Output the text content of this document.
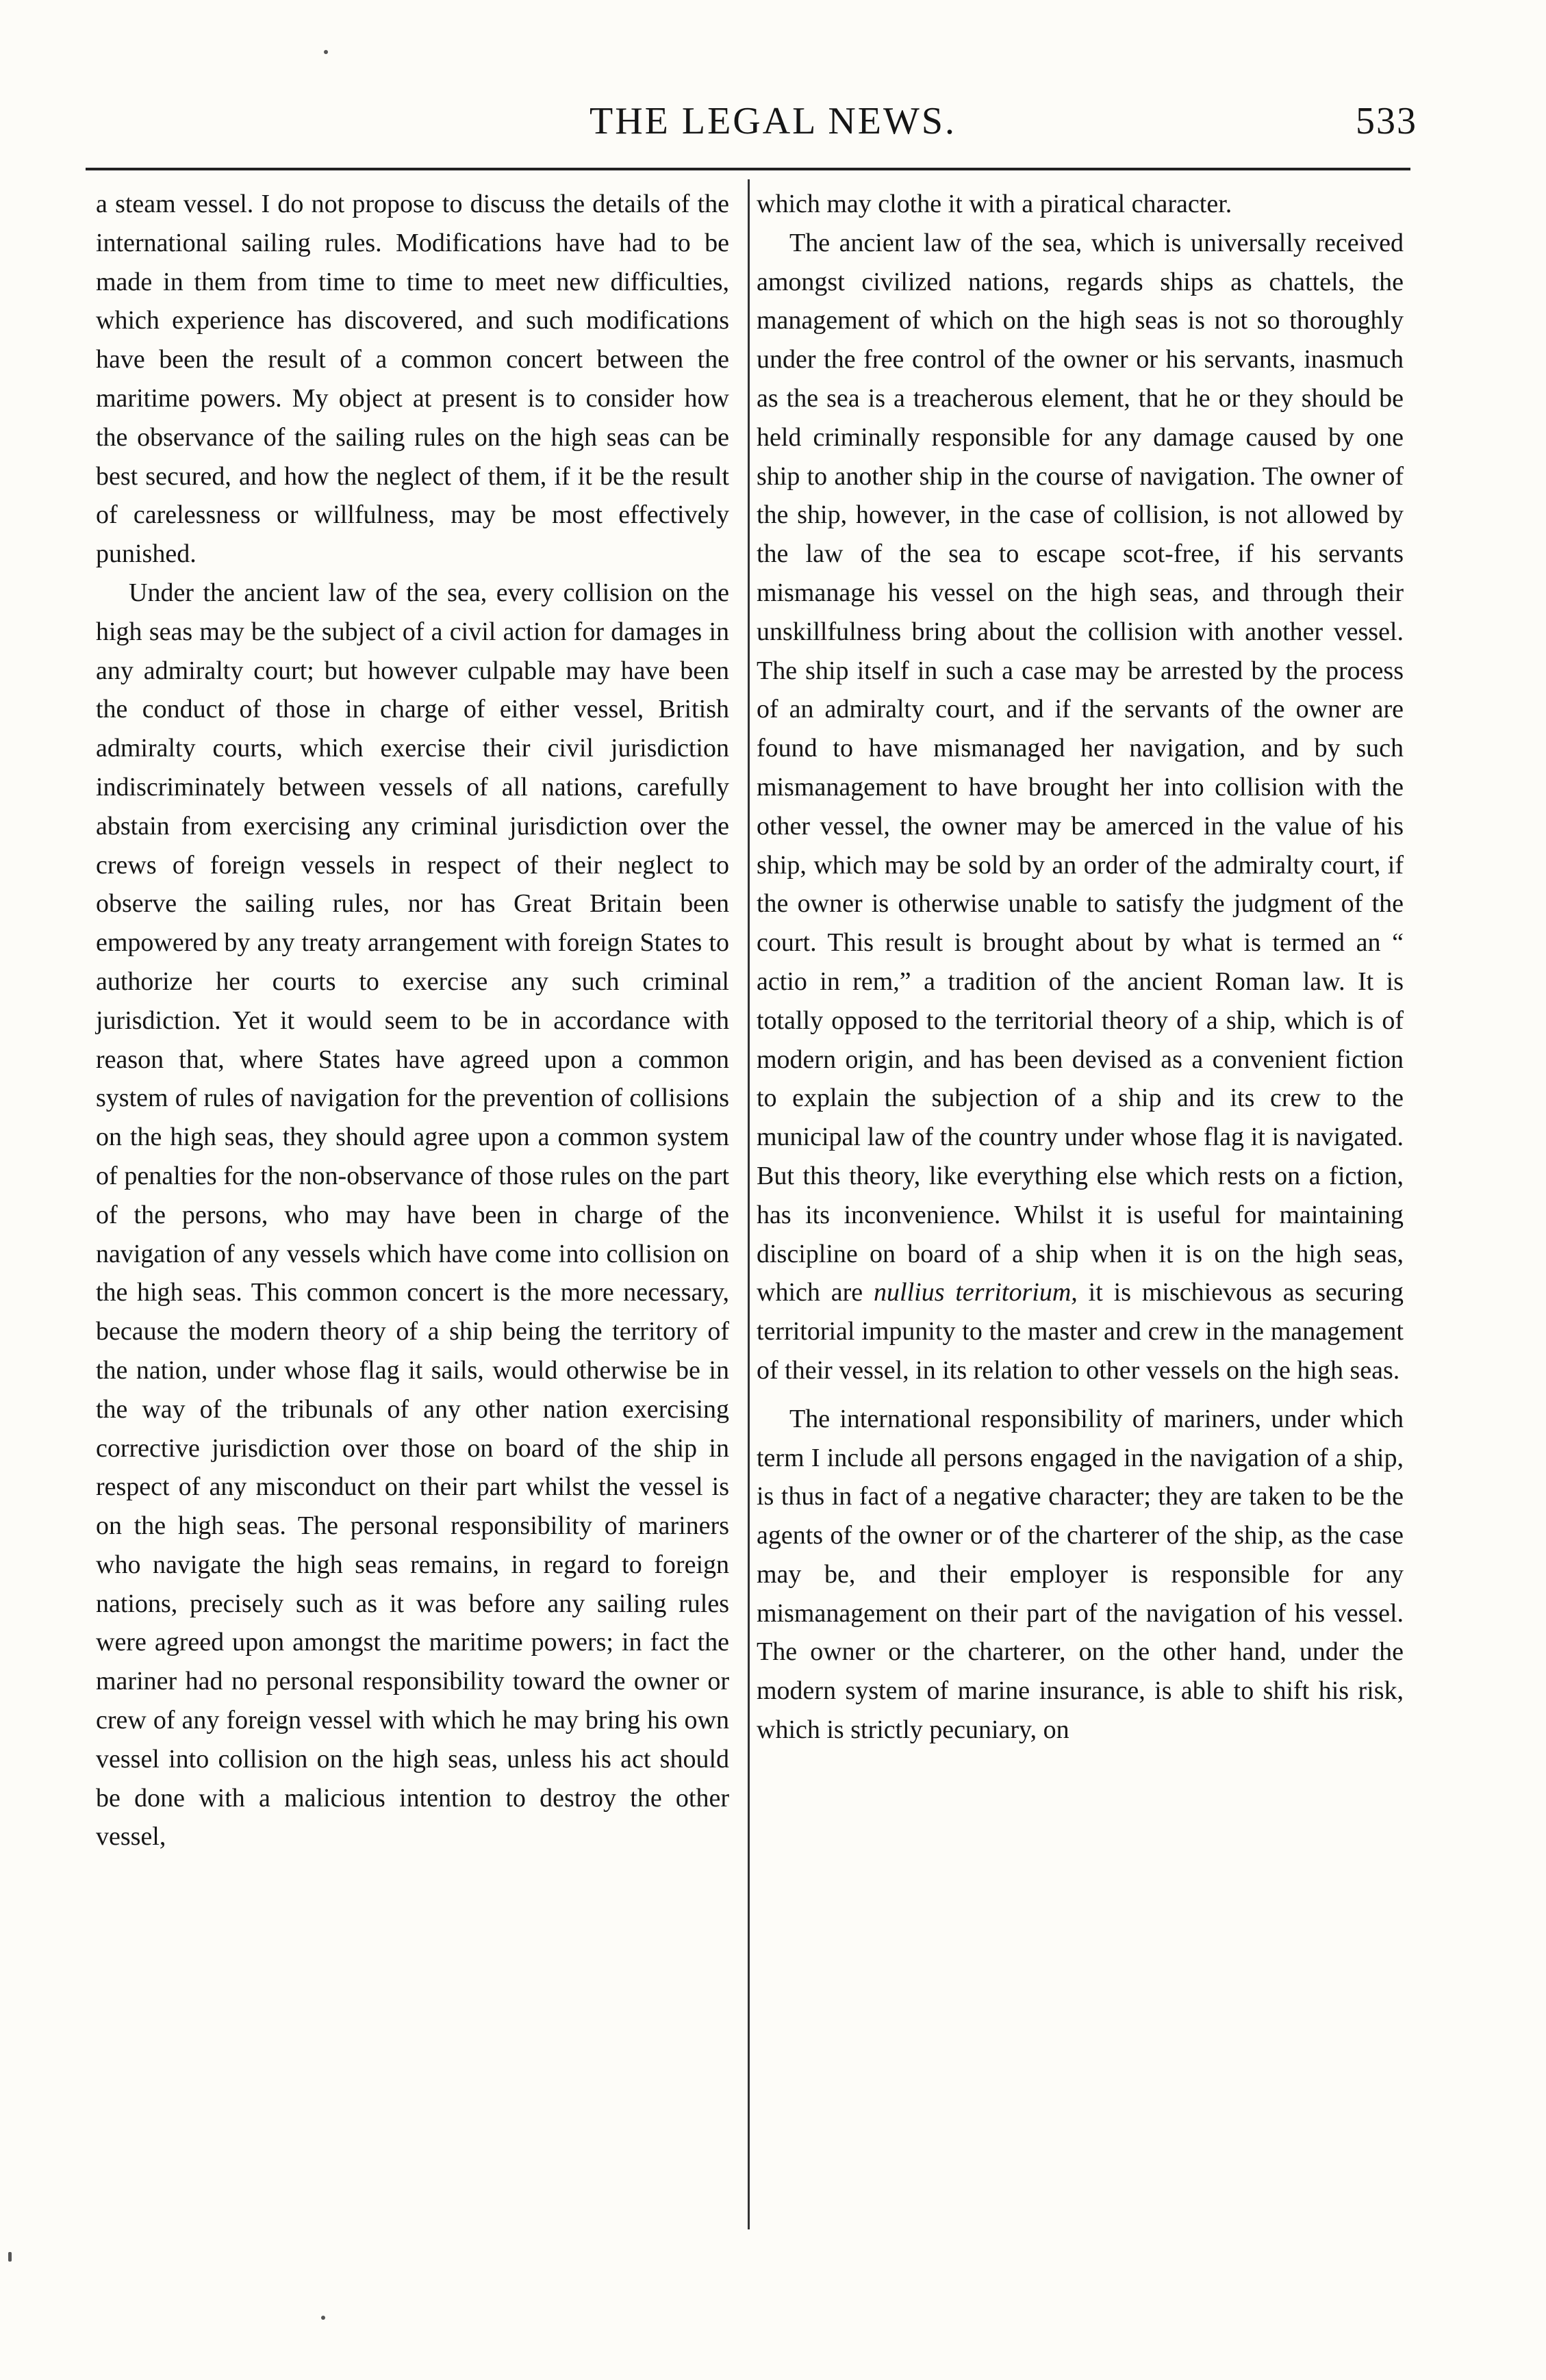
THE LEGAL NEWS.	533

a steam vessel. I do not propose to discuss the details of the international sailing rules. Modifications have had to be made in them from time to time to meet new difficulties, which experience has discovered, and such modifications have been the result of a common concert between the maritime powers. My object at present is to consider how the observance of the sailing rules on the high seas can be best secured, and how the neglect of them, if it be the result of carelessness or willfulness, may be most effectively punished.

Under the ancient law of the sea, every collision on the high seas may be the subject of a civil action for damages in any admiralty court; but however culpable may have been the conduct of those in charge of either vessel, British admiralty courts, which exercise their civil jurisdiction indiscriminately between vessels of all nations, carefully abstain from exercising any criminal jurisdiction over the crews of foreign vessels in respect of their neglect to observe the sailing rules, nor has Great Britain been empowered by any treaty arrangement with foreign States to authorize her courts to exercise any such criminal jurisdiction. Yet it would seem to be in accordance with reason that, where States have agreed upon a common system of rules of navigation for the prevention of collisions on the high seas, they should agree upon a common system of penalties for the non-observance of those rules on the part of the persons, who may have been in charge of the navigation of any vessels which have come into collision on the high seas. This common concert is the more necessary, because the modern theory of a ship being the territory of the nation, under whose flag it sails, would otherwise be in the way of the tribunals of any other nation exercising corrective jurisdiction over those on board of the ship in respect of any misconduct on their part whilst the vessel is on the high seas. The personal responsibility of mariners who navigate the high seas remains, in regard to foreign nations, precisely such as it was before any sailing rules were agreed upon amongst the maritime powers; in fact the mariner had no personal responsibility toward the owner or crew of any foreign vessel with which he may bring his own vessel into collision on the high seas, unless his act should be done with a malicious intention to destroy the other vessel,

which may clothe it with a piratical character.

The ancient law of the sea, which is universally received amongst civilized nations, regards ships as chattels, the management of which on the high seas is not so thoroughly under the free control of the owner or his servants, inasmuch as the sea is a treacherous element, that he or they should be held criminally responsible for any damage caused by one ship to another ship in the course of navigation. The owner of the ship, however, in the case of collision, is not allowed by the law of the sea to escape scot-free, if his servants mismanage his vessel on the high seas, and through their unskillfulness bring about the collision with another vessel. The ship itself in such a case may be arrested by the process of an admiralty court, and if the servants of the owner are found to have mismanaged her navigation, and by such mismanagement to have brought her into collision with the other vessel, the owner may be amerced in the value of his ship, which may be sold by an order of the admiralty court, if the owner is otherwise unable to satisfy the judgment of the court. This result is brought about by what is termed an “ actio in rem,” a tradition of the ancient Roman law. It is totally opposed to the territorial theory of a ship, which is of modern origin, and has been devised as a convenient fiction to explain the subjection of a ship and its crew to the municipal law of the country under whose flag it is navigated. But this theory, like everything else which rests on a fiction, has its inconvenience. Whilst it is useful for maintaining discipline on board of a ship when it is on the high seas, which are nullius territorium, it is mischievous as securing territorial impunity to the master and crew in the management of their vessel, in its relation to other vessels on the high seas.

The international responsibility of mariners, under which term I include all persons engaged in the navigation of a ship, is thus in fact of a negative character; they are taken to be the agents of the owner or of the charterer of the ship, as the case may be, and their employer is responsible for any mismanagement on their part of the navigation of his vessel. The owner or the charterer, on the other hand, under the modern system of marine insurance, is able to shift his risk, which is strictly pecuniary, on
